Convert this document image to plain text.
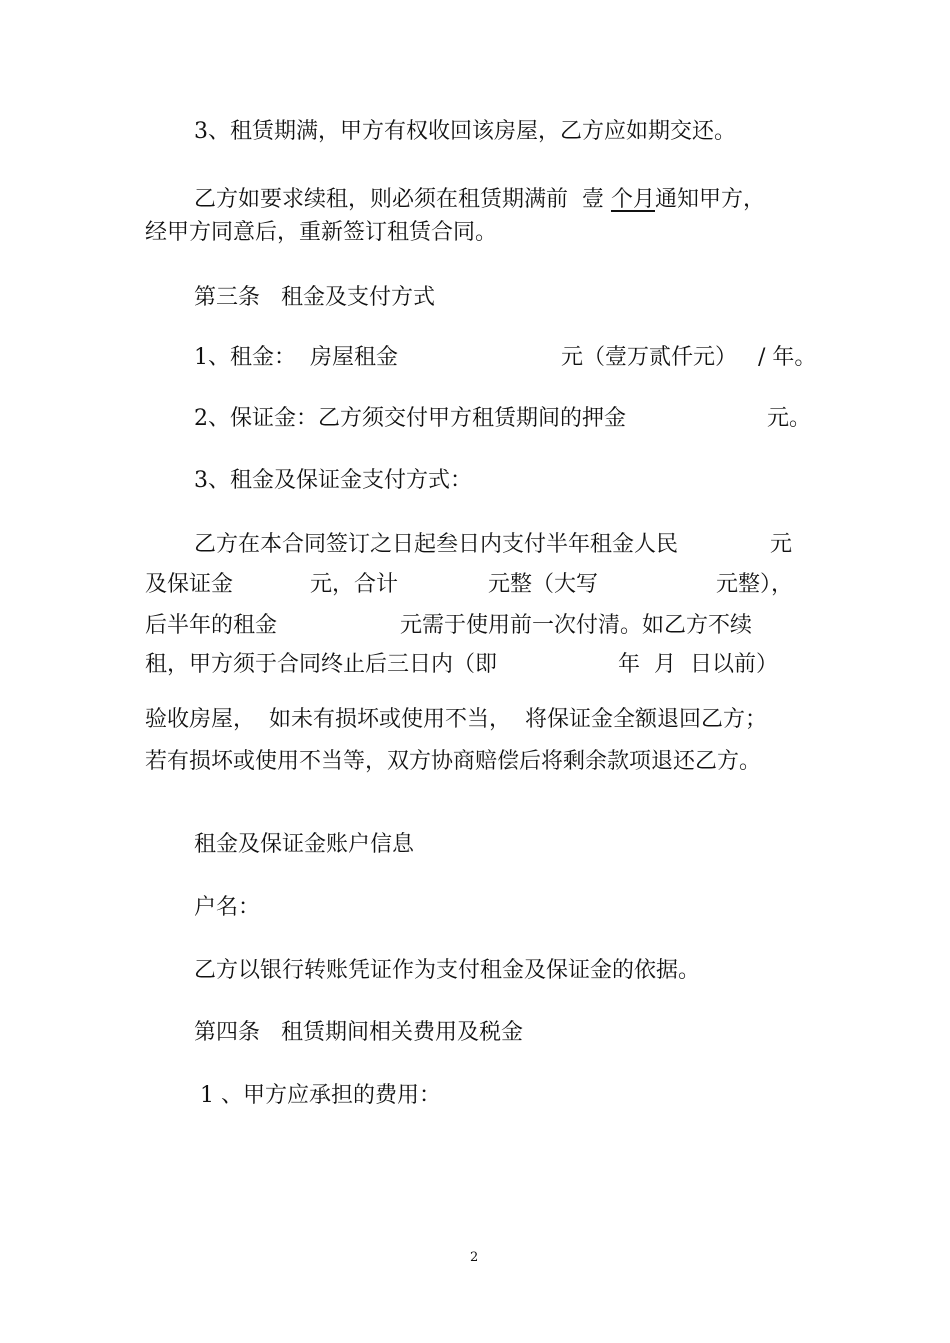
3、租赁期满，甲方有权收回该房屋，乙方应如期交还。
乙方如要求续租，则必须在租赁期满前  壹 个月通知甲方，
经甲方同意后，重新签订租赁合同。
第三条   租金及支付方式
1、租金：  房屋租金	元（壹万贰仟元）   / 年。
2、保证金：乙方须交付甲方租赁期间的押金	元。
3、租金及保证金支付方式：
乙方在本合同签订之日起叁日内支付半年租金人民	元
及保证金	元，合计	元整（大写	元整），
后半年的租金	元需于使用前一次付清。如乙方不续
租，甲方须于合同终止后三日内（即	年  月  日以前）
验收房屋，  如未有损坏或使用不当，  将保证金全额退回乙方；
若有损坏或使用不当等，双方协商赔偿后将剩余款项退还乙方。
租金及保证金账户信息
户名：
乙方以银行转账凭证作为支付租金及保证金的依据。
第四条   租赁期间相关费用及税金
1 、甲方应承担的费用：
2
